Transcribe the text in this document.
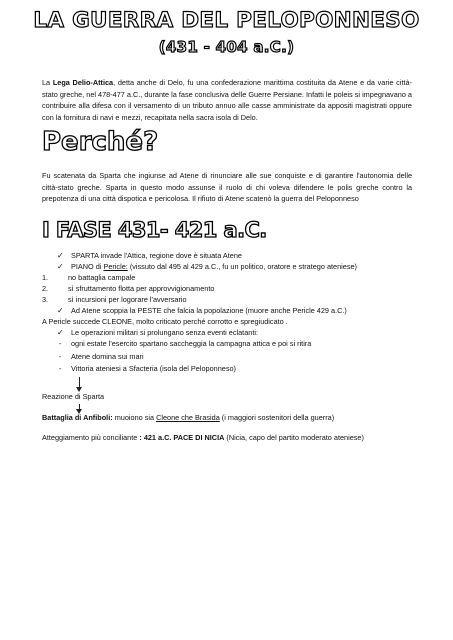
LA GUERRA DEL PELOPONNESO
(431 - 404 a.C.)

La Lega Delio-Attica, detta anche di Delo, fu una confederazione marittima costituita da Atene e da varie città-stato greche, nel 478-477 a.C., durante la fase conclusiva delle Guerre Persiane. Infatti le poleis si impegnavano a contribuire alla difesa con il versamento di un tributo annuo alle casse amministrate da appositi magistrati oppure con la fornitura di navi e mezzi, recapitata nella sacra isola di Delo.

Perché?

Fu scatenata da Sparta che ingiunse ad Atene di rinunciare alle sue conquiste e di garantire l'autonomia delle città-stato greche. Sparta in questo modo assunse il ruolo di chi voleva difendere le polis greche contro la prepotenza di una città dispotica e pericolosa. Il rifiuto di Atene scatenò la guerra del Peloponneso

I FASE 431- 421 a.C.
✓ SPARTA invade l'Attica, regione dove è situata Atene
✓ PIANO di Pericle: (vissuto dal 495 al 429 a.C., fu un politico, oratore e stratego ateniese)
1.	no battaglia campale
2.	sì sfruttamento flotta per approvvigionamento
3.	sì incursioni per logorare l'avversario
✓ Ad Atene scoppia la PESTE che falcia la popolazione (muore anche Pericle 429 a.C.)
A Pericle succede CLEONE, molto criticato perché corrotto e spregiudicato .
✓ Le operazioni militari si prolungano senza eventi eclatanti:
- ogni estate l'esercito spartano saccheggia la campagna attica e poi si ritira
- Atene domina sui mari
- Vittoria ateniesi a Sfacteria (isola del Peloponneso)
Reazione di Sparta
Battaglia di Anfiboli: muoiono sia Cleone che Brasida (i maggiori sostenitori della guerra)
Atteggiamento più conciliante : 421 a.C. PACE DI NICIA (Nicia, capo del partito moderato ateniese)
